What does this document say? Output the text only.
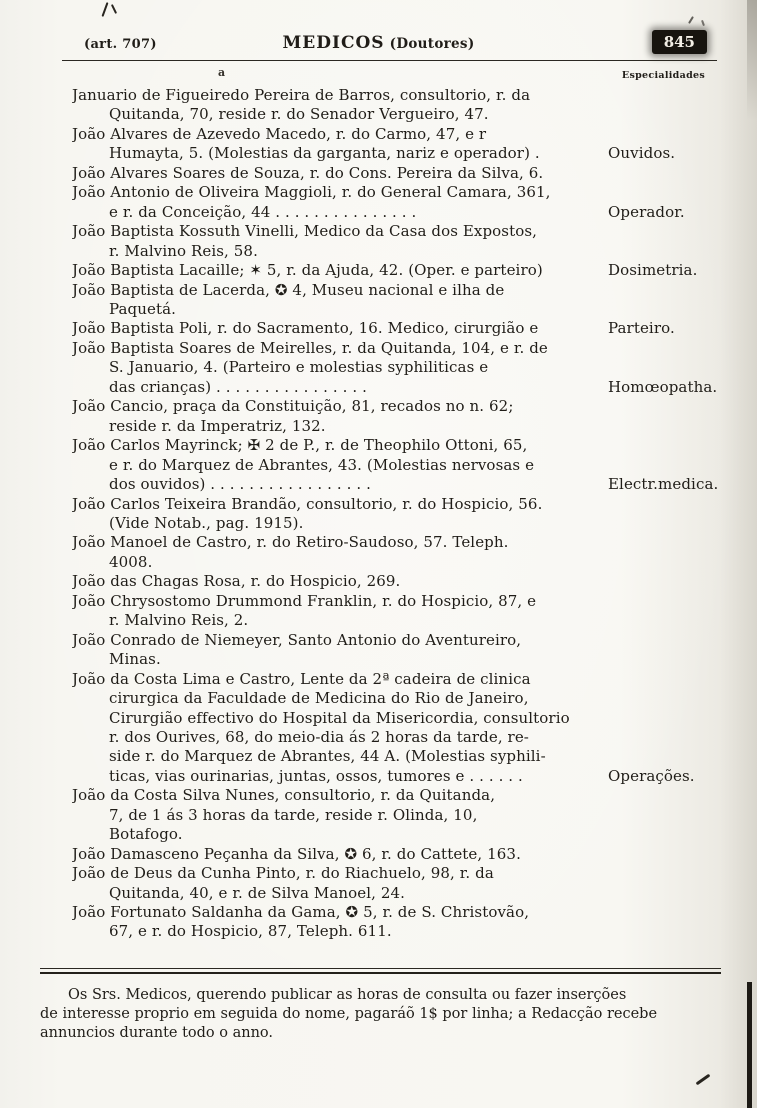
(art. 707)	MEDICOS (Doutores)	845
a	Especialidades
Januario de Figueiredo Pereira de Barros, consultorio, r. da
Quitanda, 70, reside r. do Senador Vergueiro, 47.
João Alvares de Azevedo Macedo, r. do Carmo, 47, e r
Humayta, 5. (Molestias da garganta, nariz e operador) .	Ouvidos.
João Alvares Soares de Souza, r. do Cons. Pereira da Silva, 6.
João Antonio de Oliveira Maggioli, r. do General Camara, 361,
e r. da Conceição, 44 . . . . . . . . . . . . . . .	Operador.
João Baptista Kossuth Vinelli, Medico da Casa dos Expostos,
r. Malvino Reis, 58.
João Baptista Lacaille; ✶ 5, r. da Ajuda, 42. (Oper. e parteiro)	Dosimetria.
João Baptista de Lacerda, ✪ 4, Museu nacional e ilha de
Paquetá.
João Baptista Poli, r. do Sacramento, 16. Medico, cirurgião e	Parteiro.
João Baptista Soares de Meirelles, r. da Quitanda, 104, e r. de
S. Januario, 4. (Parteiro e molestias syphiliticas e
das crianças) . . . . . . . . . . . . . . . .	Homœopatha.
João Cancio, praça da Constituição, 81, recados no n. 62;
reside r. da Imperatriz, 132.
João Carlos Mayrinck; ✠ 2 de P., r. de Theophilo Ottoni, 65,
e r. do Marquez de Abrantes, 43. (Molestias nervosas e
dos ouvidos) . . . . . . . . . . . . . . . . .	Electr.medica.
João Carlos Teixeira Brandão, consultorio, r. do Hospicio, 56.
(Vide Notab., pag. 1915).
João Manoel de Castro, r. do Retiro-Saudoso, 57. Teleph.
4008.
João das Chagas Rosa, r. do Hospicio, 269.
João Chrysostomo Drummond Franklin, r. do Hospicio, 87, e
r. Malvino Reis, 2.
João Conrado de Niemeyer, Santo Antonio do Aventureiro,
Minas.
João da Costa Lima e Castro, Lente da 2ª cadeira de clinica
cirurgica da Faculdade de Medicina do Rio de Janeiro,
Cirurgião effectivo do Hospital da Misericordia, consultorio
r. dos Ourives, 68, do meio-dia ás 2 horas da tarde, re-
side r. do Marquez de Abrantes, 44 A. (Molestias syphili-
ticas, vias ourinarias, juntas, ossos, tumores e . . . . . .	Operações.
João da Costa Silva Nunes, consultorio, r. da Quitanda,
7, de 1 ás 3 horas da tarde, reside r. Olinda, 10,
Botafogo.
João Damasceno Peçanha da Silva, ✪ 6, r. do Cattete, 163.
João de Deus da Cunha Pinto, r. do Riachuelo, 98, r. da
Quitanda, 40, e r. de Silva Manoel, 24.
João Fortunato Saldanha da Gama, ✪ 5, r. de S. Christovão,
67, e r. do Hospicio, 87, Teleph. 611.
Os Srs. Medicos, querendo publicar as horas de consulta ou fazer inserções
de interesse proprio em seguida do nome, pagaráõ 1$ por linha; a Redacção recebe
annuncios durante todo o anno.
